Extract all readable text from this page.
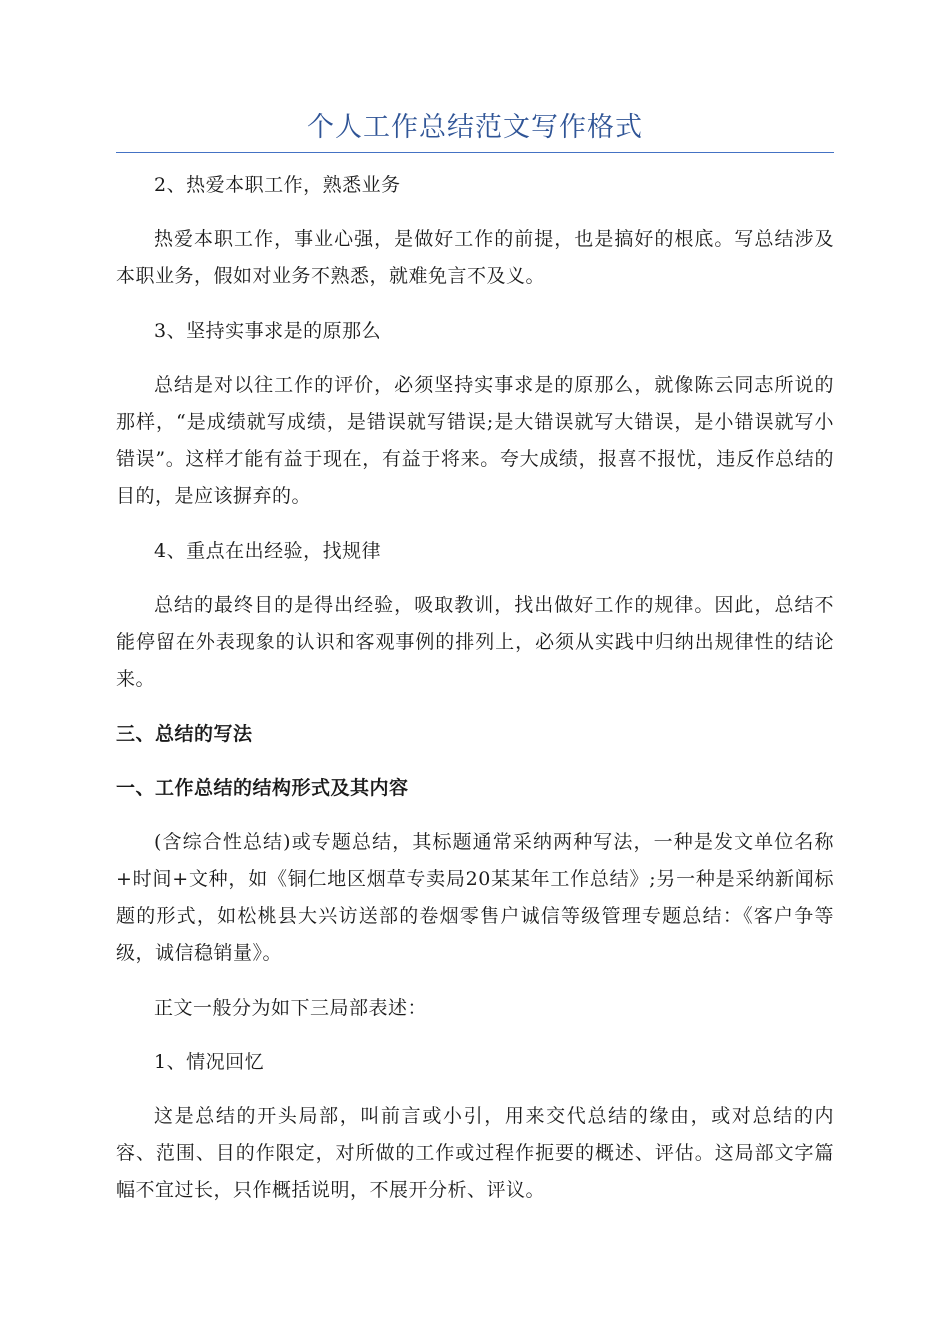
个人工作总结范文写作格式

2、热爱本职工作，熟悉业务

热爱本职工作，事业心强，是做好工作的前提，也是搞好的根底。写总结涉及本职业务，假如对业务不熟悉，就难免言不及义。

3、坚持实事求是的原那么

总结是对以往工作的评价，必须坚持实事求是的原那么，就像陈云同志所说的那样，“是成绩就写成绩，是错误就写错误;是大错误就写大错误，是小错误就写小错误”。这样才能有益于现在，有益于将来。夸大成绩，报喜不报忧，违反作总结的目的，是应该摒弃的。

4、重点在出经验，找规律

总结的最终目的是得出经验，吸取教训，找出做好工作的规律。因此，总结不能停留在外表现象的认识和客观事例的排列上，必须从实践中归纳出规律性的结论来。

三、总结的写法
一、工作总结的结构形式及其内容

(含综合性总结)或专题总结，其标题通常采纳两种写法，一种是发文单位名称+时间+文种，如《铜仁地区烟草专卖局20某某年工作总结》;另一种是采纳新闻标题的形式，如松桃县大兴访送部的卷烟零售户诚信等级管理专题总结：《客户争等级，诚信稳销量》。

正文一般分为如下三局部表述：

1、情况回忆

这是总结的开头局部，叫前言或小引，用来交代总结的缘由，或对总结的内容、范围、目的作限定，对所做的工作或过程作扼要的概述、评估。这局部文字篇幅不宜过长，只作概括说明，不展开分析、评议。
